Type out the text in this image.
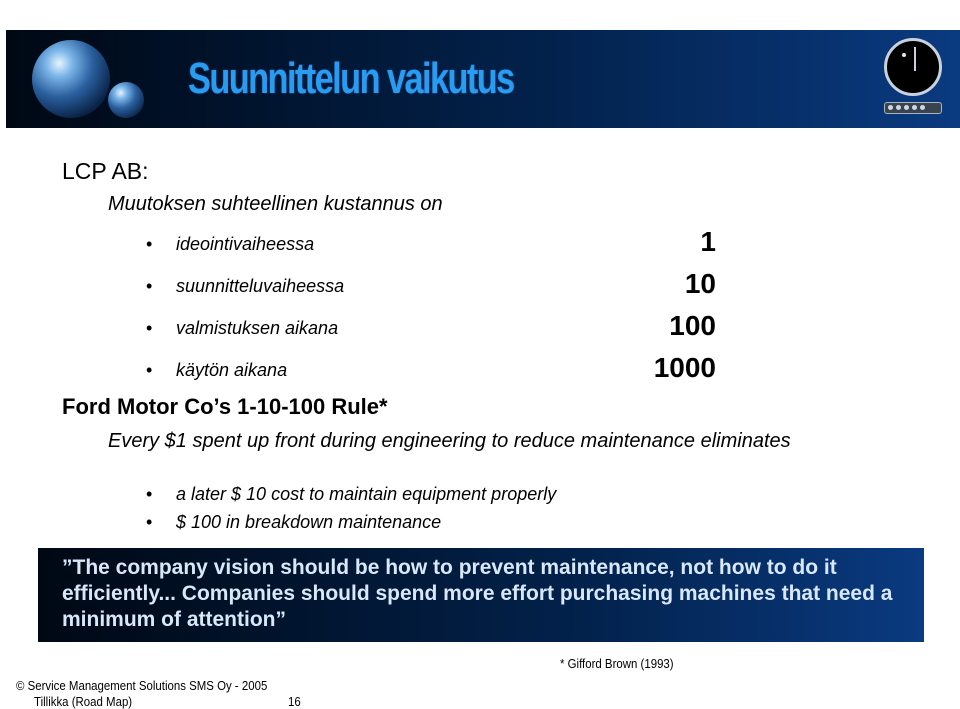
Suunnittelun vaikutus
LCP AB:
Muutoksen suhteellinen kustannus on
• ideointivaiheessa	1
• suunnitteluvaiheessa	10
• valmistuksen aikana	100
• käytön aikana	1000
Ford Motor Co’s 1-10-100 Rule*
Every $1 spent up front during engineering to reduce maintenance eliminates
• a later $ 10 cost to maintain equipment properly
• $ 100 in breakdown maintenance
”The company vision should be how to prevent maintenance, not how to do it efficiently... Companies should spend more effort purchasing machines that need a minimum of attention”
* Gifford Brown (1993)
© Service Management Solutions SMS Oy - 2005
Tillikka (Road Map)	16
